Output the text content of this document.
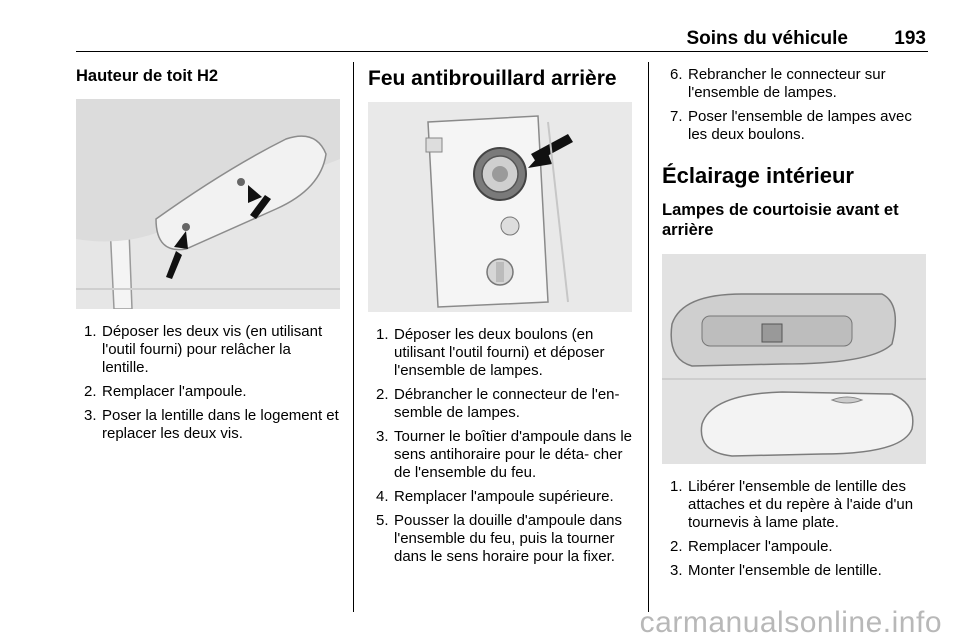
Soins du véhicule 193
Hauteur de toit H2
1. Déposer les deux vis (en utilisant l'outil fourni) pour relâcher la lentille.
2. Remplacer l'ampoule.
3. Poser la lentille dans le logement et replacer les deux vis.
Feu antibrouillard arrière
1. Déposer les deux boulons (en utilisant l'outil fourni) et déposer l'ensemble de lampes.
2. Débrancher le connecteur de l'en- semble de lampes.
3. Tourner le boîtier d'ampoule dans le sens antihoraire pour le déta- cher de l'ensemble du feu.
4. Remplacer l'ampoule supérieure.
5. Pousser la douille d'ampoule dans l'ensemble du feu, puis la tourner dans le sens horaire pour la fixer.
6. Rebrancher le connecteur sur l'ensemble de lampes.
7. Poser l'ensemble de lampes avec les deux boulons.
Éclairage intérieur
Lampes de courtoisie avant et arrière
1. Libérer l'ensemble de lentille des attaches et du repère à l'aide d'un tournevis à lame plate.
2. Remplacer l'ampoule.
3. Monter l'ensemble de lentille.
carmanualsonline.info
